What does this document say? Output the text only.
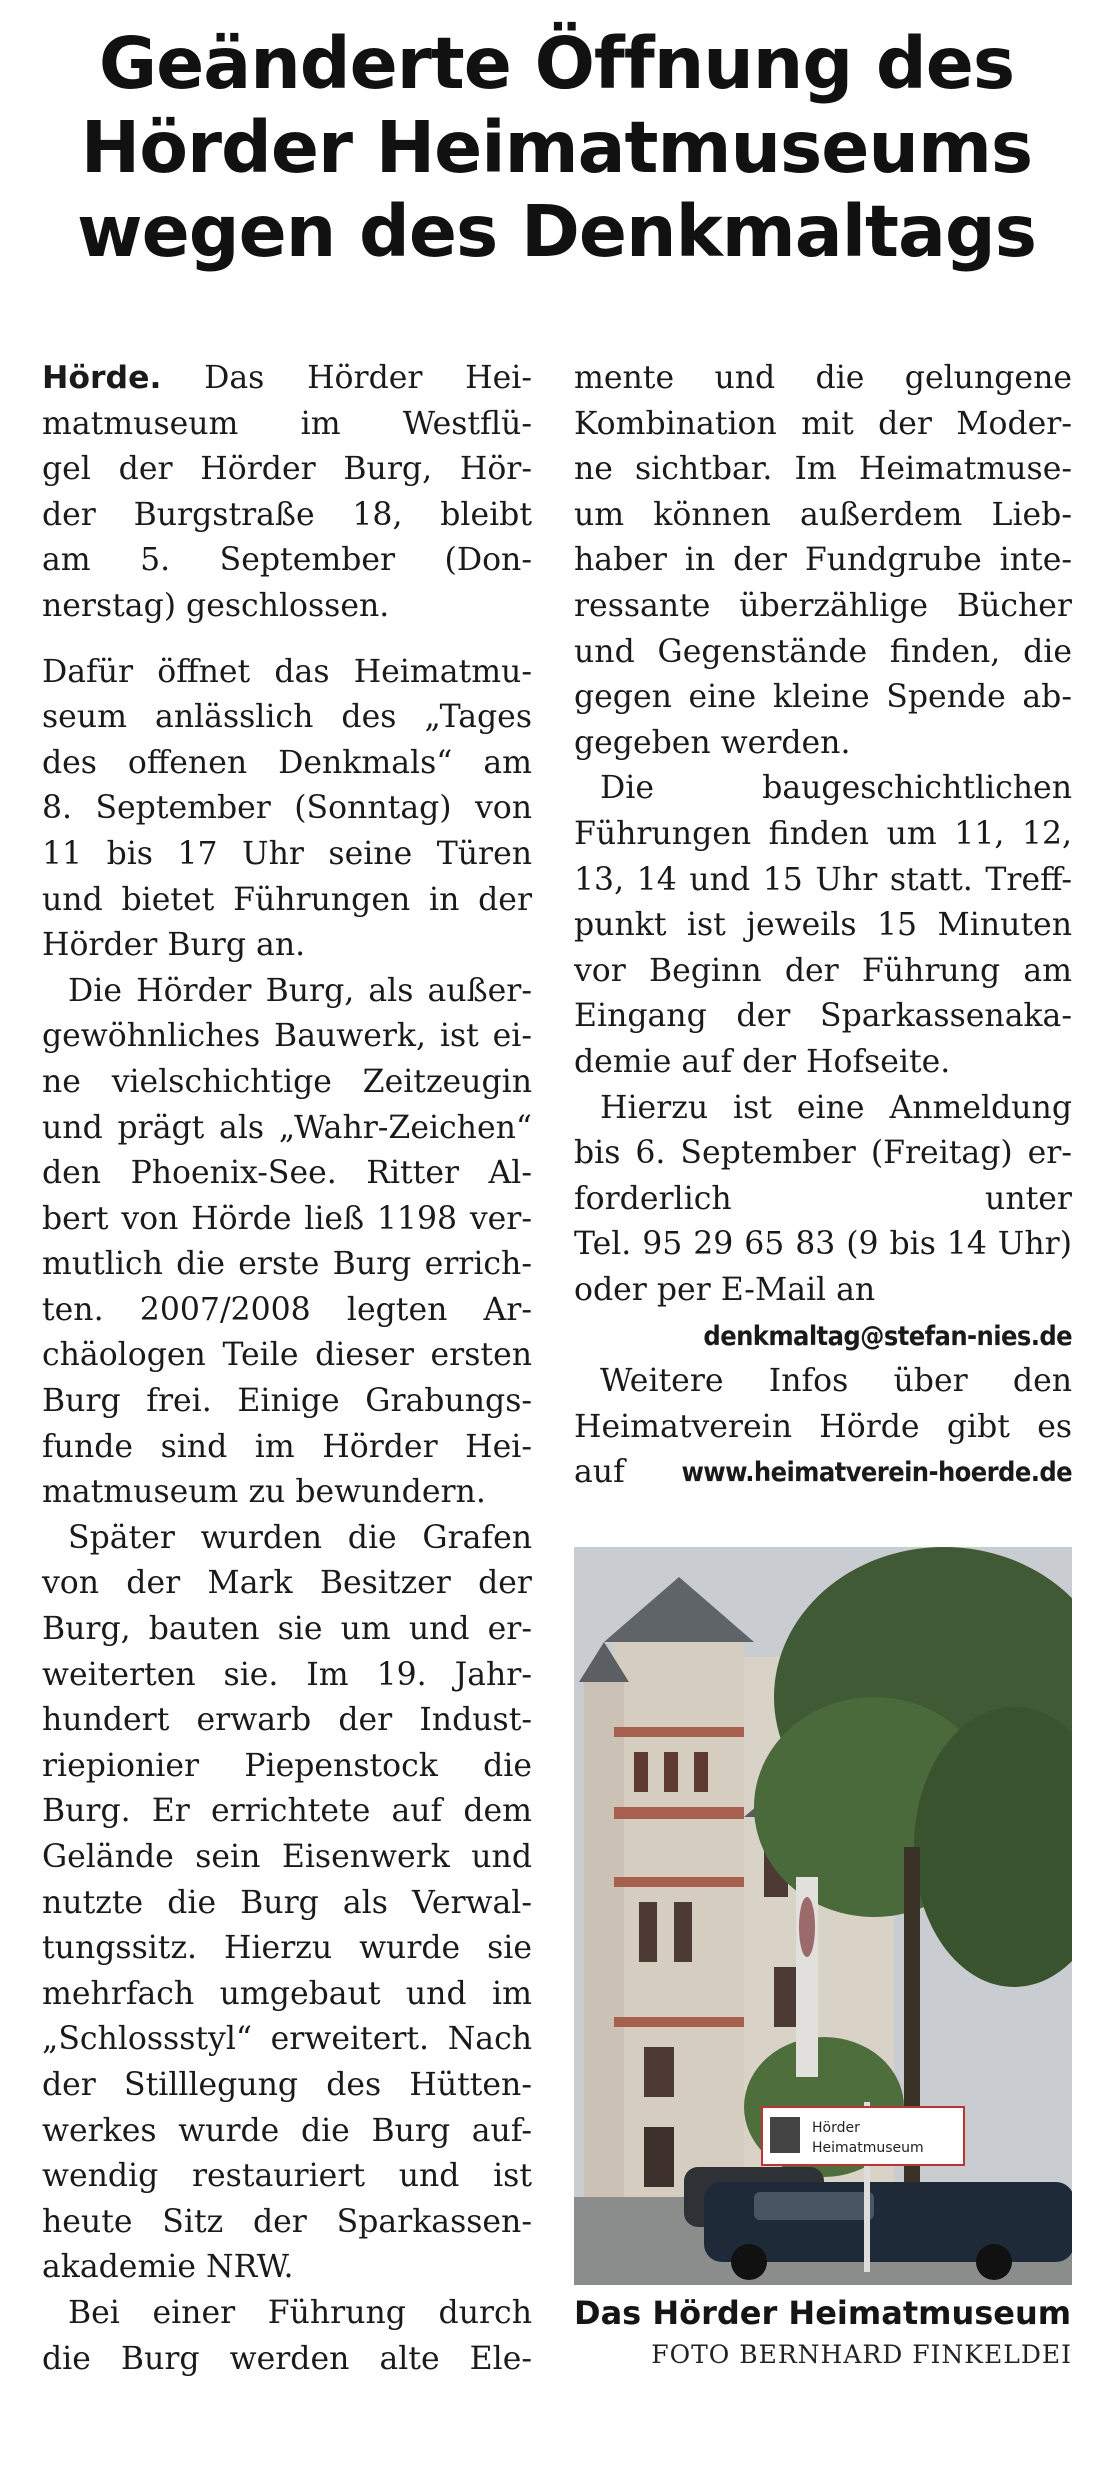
Geänderte Öffnung des
Hörder Heimatmuseums
wegen des Denkmaltags
Hörde. Das Hörder Hei-
matmuseum im Westflü-
gel der Hörder Burg, Hör-
der Burgstraße 18, bleibt
am 5. September (Don-
nerstag) geschlossen.
Dafür öffnet das Heimatmu-
seum anlässlich des „Tages
des offenen Denkmals“ am
8. September (Sonntag) von
11 bis 17 Uhr seine Türen
und bietet Führungen in der
Hörder Burg an.
Die Hörder Burg, als außer-
gewöhnliches Bauwerk, ist ei-
ne vielschichtige Zeitzeugin
und prägt als „Wahr-Zeichen“
den Phoenix-See. Ritter Al-
bert von Hörde ließ 1198 ver-
mutlich die erste Burg errich-
ten. 2007/2008 legten Ar-
chäologen Teile dieser ersten
Burg frei. Einige Grabungs-
funde sind im Hörder Hei-
matmuseum zu bewundern.
Später wurden die Grafen
von der Mark Besitzer der
Burg, bauten sie um und er-
weiterten sie. Im 19. Jahr-
hundert erwarb der Indust-
riepionier Piepenstock die
Burg. Er errichtete auf dem
Gelände sein Eisenwerk und
nutzte die Burg als Verwal-
tungssitz. Hierzu wurde sie
mehrfach umgebaut und im
„Schlossstyl“ erweitert. Nach
der Stilllegung des Hütten-
werkes wurde die Burg auf-
wendig restauriert und ist
heute Sitz der Sparkassen-
akademie NRW.
Bei einer Führung durch
die Burg werden alte Ele-
mente und die gelungene
Kombination mit der Moder-
ne sichtbar. Im Heimatmuse-
um können außerdem Lieb-
haber in der Fundgrube inte-
ressante überzählige Bücher
und Gegenstände finden, die
gegen eine kleine Spende ab-
gegeben werden.
Die baugeschichtlichen
Führungen finden um 11, 12,
13, 14 und 15 Uhr statt. Treff-
punkt ist jeweils 15 Minuten
vor Beginn der Führung am
Eingang der Sparkassenaka-
demie auf der Hofseite.
Hierzu ist eine Anmeldung
bis 6. September (Freitag) er-
forderlich unter
Tel. 95 29 65 83 (9 bis 14 Uhr)
oder per E-Mail an
denkmaltag@stefan-nies.de
Weitere Infos über den
Heimatverein Hörde gibt es
auf www.heimatverein-hoerde.de
Hörder
Heimatmuseum
Das Hörder Heimatmuseum
FOTO BERNHARD FINKELDEI
